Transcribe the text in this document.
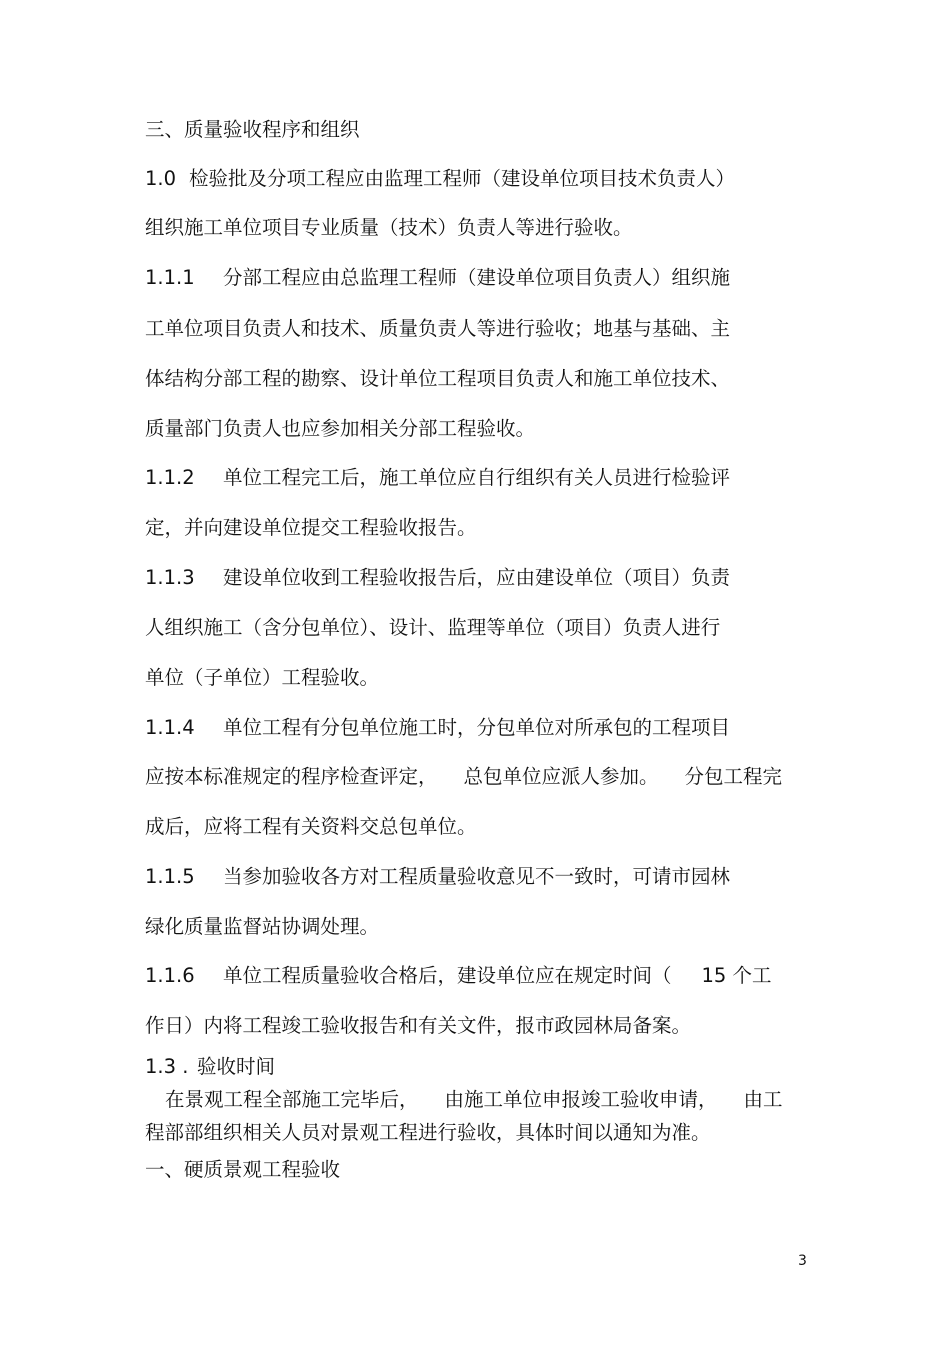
三、质量验收程序和组织
1.0 检验批及分项工程应由监理工程师（建设单位项目技术负责人）
组织施工单位项目专业质量（技术）负责人等进行验收。
1.1.1 分部工程应由总监理工程师（建设单位项目负责人）组织施
工单位项目负责人和技术、质量负责人等进行验收；地基与基础、主
体结构分部工程的勘察、设计单位工程项目负责人和施工单位技术、
质量部门负责人也应参加相关分部工程验收。
1.1.2 单位工程完工后，施工单位应自行组织有关人员进行检验评
定，并向建设单位提交工程验收报告。
1.1.3 建设单位收到工程验收报告后，应由建设单位（项目）负责
人组织施工（含分包单位）、设计、监理等单位（项目）负责人进行
单位（子单位）工程验收。
1.1.4 单位工程有分包单位施工时，分包单位对所承包的工程项目
应按本标准规定的程序检查评定， 总包单位应派人参加。 分包工程完
成后，应将工程有关资料交总包单位。
1.1.5 当参加验收各方对工程质量验收意见不一致时，可请市园林
绿化质量监督站协调处理。
1.1.6 单位工程质量验收合格后，建设单位应在规定时间（ 15 个工
作日）内将工程竣工验收报告和有关文件，报市政园林局备案。
1.3 . 验收时间
在景观工程全部施工完毕后， 由施工单位申报竣工验收申请， 由工
程部部组织相关人员对景观工程进行验收，具体时间以通知为准。
一、硬质景观工程验收
3
